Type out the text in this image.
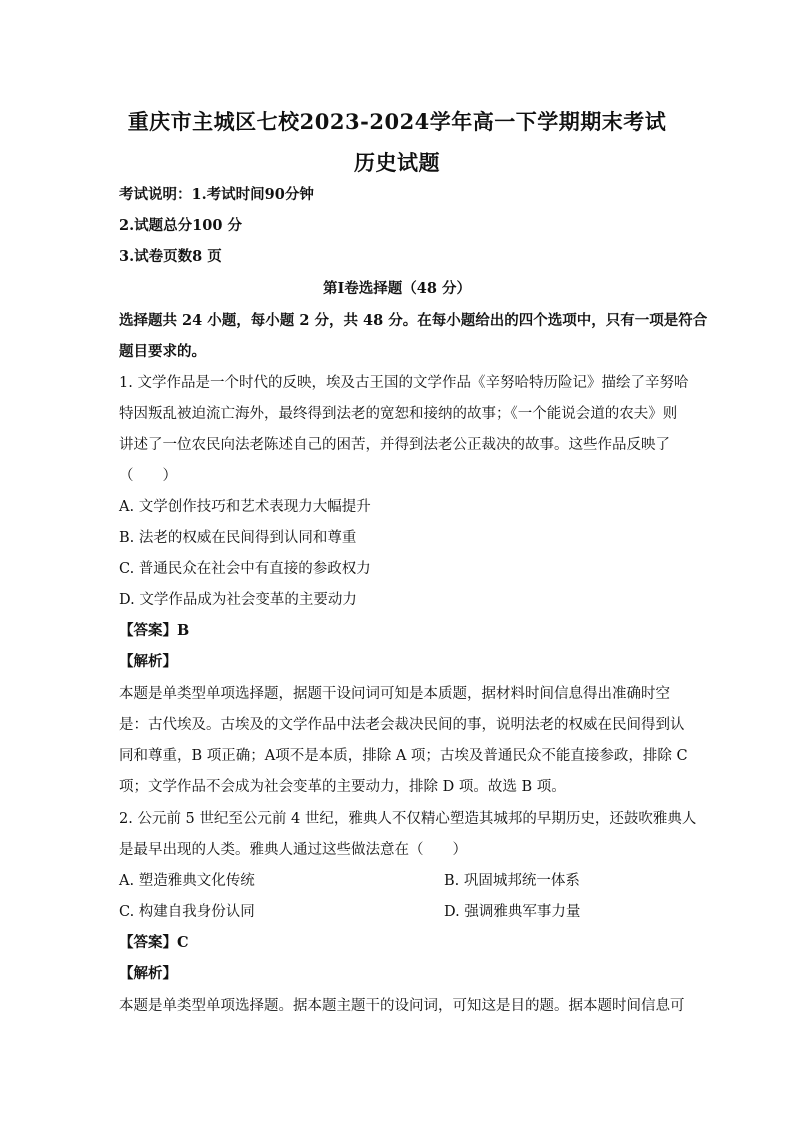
重庆市主城区七校2023-2024学年高一下学期期末考试
历史试题
考试说明：1.考试时间90分钟
2.试题总分100 分
3.试卷页数8 页
第Ⅰ卷选择题（48 分）
选择题共 24 小题，每小题 2 分，共 48 分。在每小题给出的四个选项中，只有一项是符合
题目要求的。
1. 文学作品是一个时代的反映，埃及古王国的文学作品《辛努哈特历险记》描绘了辛努哈
特因叛乱被迫流亡海外，最终得到法老的宽恕和接纳的故事；《一个能说会道的农夫》则
讲述了一位农民向法老陈述自己的困苦，并得到法老公正裁决的故事。这些作品反映了
（　　）
A. 文学创作技巧和艺术表现力大幅提升
B. 法老的权威在民间得到认同和尊重
C. 普通民众在社会中有直接的参政权力
D. 文学作品成为社会变革的主要动力
【答案】B
【解析】
本题是单类型单项选择题，据题干设问词可知是本质题，据材料时间信息得出准确时空
是：古代埃及。古埃及的文学作品中法老会裁决民间的事，说明法老的权威在民间得到认
同和尊重，B 项正确；A项不是本质，排除 A 项；古埃及普通民众不能直接参政，排除 C
项；文学作品不会成为社会变革的主要动力，排除 D 项。故选 B 项。
2. 公元前 5 世纪至公元前 4 世纪，雅典人不仅精心塑造其城邦的早期历史，还鼓吹雅典人
是最早出现的人类。雅典人通过这些做法意在（　　）
A. 塑造雅典文化传统	B. 巩固城邦统一体系
C. 构建自我身份认同	D. 强调雅典军事力量
【答案】C
【解析】
本题是单类型单项选择题。据本题主题干的设问词，可知这是目的题。据本题时间信息可
